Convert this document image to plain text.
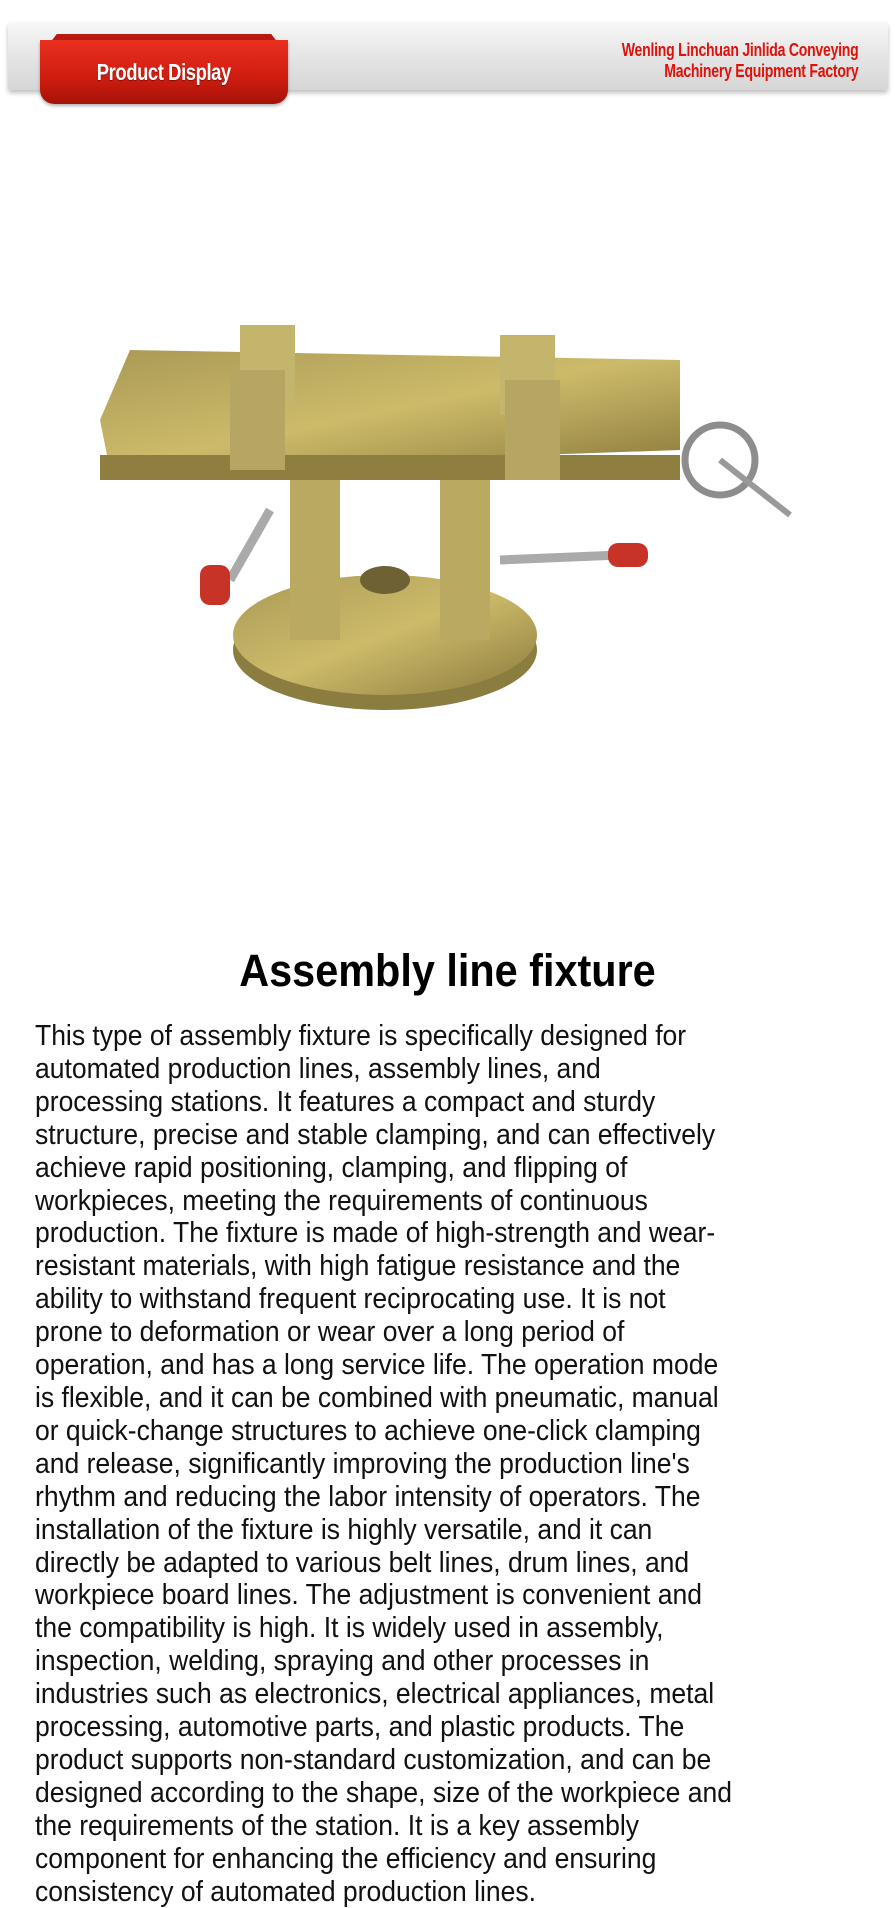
Product Display
Wenling Linchuan Jinlida Conveying
Machinery Equipment Factory
Assembly line fixture
This type of assembly fixture is specifically designed for
automated production lines, assembly lines, and
processing stations. It features a compact and sturdy
structure, precise and stable clamping, and can effectively
achieve rapid positioning, clamping, and flipping of
workpieces, meeting the requirements of continuous
production. The fixture is made of high-strength and wear-
resistant materials, with high fatigue resistance and the
ability to withstand frequent reciprocating use. It is not
prone to deformation or wear over a long period of
operation, and has a long service life. The operation mode
is flexible, and it can be combined with pneumatic, manual
or quick-change structures to achieve one-click clamping
and release, significantly improving the production line's
rhythm and reducing the labor intensity of operators. The
installation of the fixture is highly versatile, and it can
directly be adapted to various belt lines, drum lines, and
workpiece board lines. The adjustment is convenient and
the compatibility is high. It is widely used in assembly,
inspection, welding, spraying and other processes in
industries such as electronics, electrical appliances, metal
processing, automotive parts, and plastic products. The
product supports non-standard customization, and can be
designed according to the shape, size of the workpiece and
the requirements of the station. It is a key assembly
component for enhancing the efficiency and ensuring
consistency of automated production lines.
